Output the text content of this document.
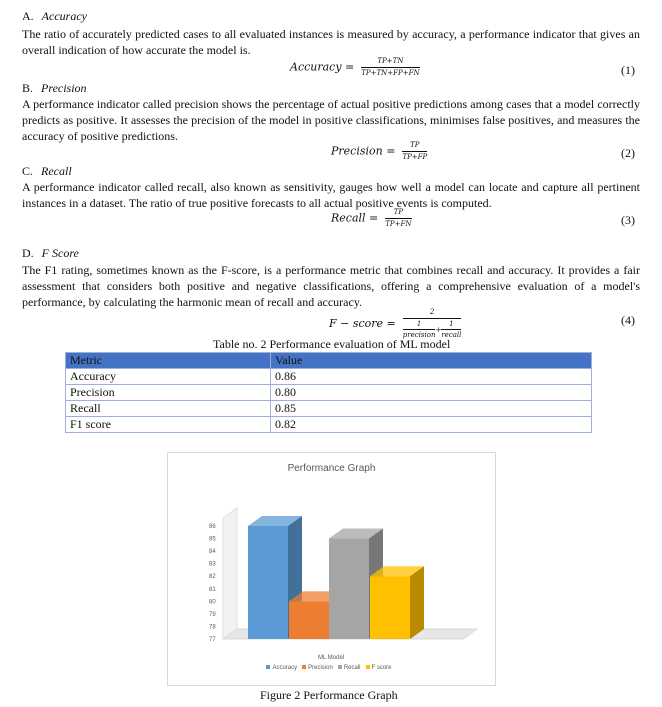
A. Accuracy
The ratio of accurately predicted cases to all evaluated instances is measured by accuracy, a performance indicator that gives an overall indication of how accurate the model is.
Accuracy = $\frac{TP+TN}{TP+TN+FP+FN}$	(1)
B. Precision
A performance indicator called precision shows the percentage of actual positive predictions among cases that a model correctly predicts as positive. It assesses the precision of the model in positive classifications, minimises false positives, and measures the accuracy of positive predictions.
Precision = $\frac{TP}{TP+FP}$	(2)
C. Recall
A performance indicator called recall, also known as sensitivity, gauges how well a model can locate and capture all pertinent instances in a dataset. The ratio of true positive forecasts to all actual positive events is computed.
Recall = $\frac{TP}{TP+FN}$	(3)
D. F Score
The F1 rating, sometimes known as the F-score, is a performance metric that combines recall and accuracy. It provides a fair assessment that considers both positive and negative classifications, offering a comprehensive evaluation of a model's performance, by calculating the harmonic mean of recall and accuracy.
F − score = $\frac{2}{\frac{1}{\text{precision}} + \frac{1}{\text{recall}}}$	(4)
Table no. 2 Performance evaluation of ML model
Metric	Value
Accuracy	0.86
Precision	0.80
Recall	0.85
F1 score	0.82
Performance Graph
86
85
84
83
82
81
80
79
78
77
ML Model
Accuracy Precision Recall F score
Figure 2 Performance Graph
